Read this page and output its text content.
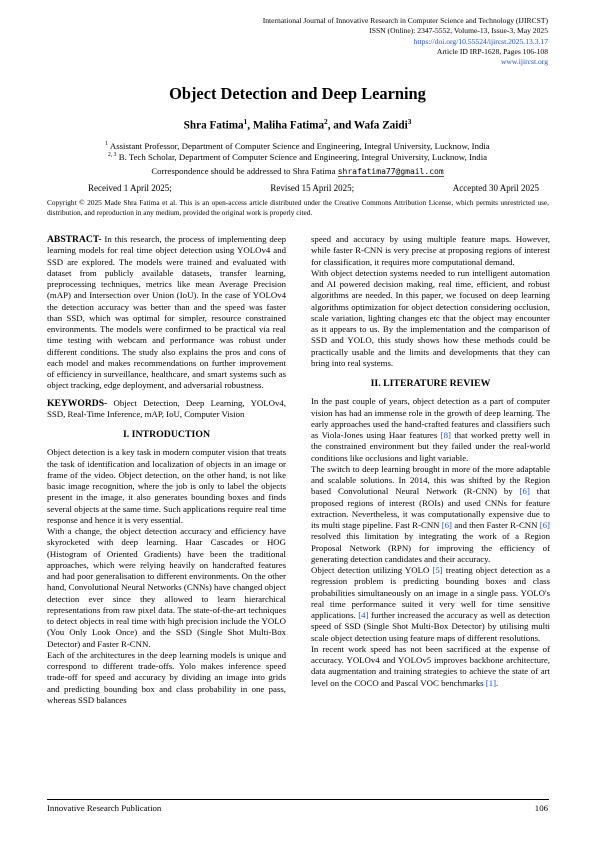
International Journal of Innovative Research in Computer Science and Technology (IJIRCST)
ISSN (Online): 2347-5552, Volume-13, Issue-3, May 2025
https://doi.org/10.55524/ijircst.2025.13.3.17
Article ID IRP-1628, Pages 106-108
www.ijircst.org
Object Detection and Deep Learning
Shra Fatima$^1$, Maliha Fatima$^2$, and Wafa Zaidi$^3$
$^1$ Assistant Professor, Department of Computer Science and Engineering, Integral University, Lucknow, India
$^{2, 3}$ B. Tech Scholar, Department of Computer Science and Engineering, Integral University, Lucknow, India
Correspondence should be addressed to Shra Fatima shrafatima77@gmail.com
Received 1 April 2025;	Revised 15 April 2025;	Accepted 30 April 2025
Copyright © 2025 Made Shra Fatima et al. This is an open-access article distributed under the Creative Commons Attribution License, which permits unrestricted use, distribution, and reproduction in any medium, provided the original work is properly cited.

ABSTRACT- In this research, the process of implementing deep learning models for real time object detection using YOLOv4 and SSD are explored. The models were trained and evaluated with dataset from publicly available datasets, transfer learning, preprocessing techniques, metrics like mean Average Precision (mAP) and Intersection over Union (IoU). In the case of YOLOv4 the detection accuracy was better than and the speed was faster than SSD, which was optimal for simpler, resource constrained environments. The models were confirmed to be practical via real time testing with webcam and performance was robust under different conditions. The study also explains the pros and cons of each model and makes recommendations on further improvement of efficiency in surveillance, healthcare, and smart systems such as object tracking, edge deployment, and adversarial robustness.

KEYWORDS- Object Detection, Deep Learning, YOLOv4, SSD, Real-Time Inference, mAP, IoU, Computer Vision

I. INTRODUCTION

Object detection is a key task in modern computer vision that treats the task of identification and localization of objects in an image or frame of the video. Object detection, on the other hand, is not like basic image recognition, where the job is only to label the objects present in the image, it also generates bounding boxes and finds several objects at the same time. Such applications require real time response and hence it is very essential.

With a change, the object detection accuracy and efficiency have skyrocketed with deep learning. Haar Cascades or HOG (Histogram of Oriented Gradients) have been the traditional approaches, which were relying heavily on handcrafted features and had poor generalisation to different environments. On the other hand, Convolutional Neural Networks (CNNs) have changed object detection ever since they allowed to learn hierarchical representations from raw pixel data. The state-of-the-art techniques to detect objects in real time with high precision include the YOLO (You Only Look Once) and the SSD (Single Shot Multi-Box Detector) and Faster R-CNN.

Each of the architectures in the deep learning models is unique and correspond to different trade-offs. Yolo makes inference speed trade-off for speed and accuracy by dividing an image into grids and predicting bounding box and class probability in one pass, whereas SSD balances

speed and accuracy by using multiple feature maps. However, while faster R-CNN is very precise at proposing regions of interest for classification, it requires more computational demand.

With object detection systems needed to run intelligent automation and AI powered decision making, real time, efficient, and robust algorithms are needed. In this paper, we focused on deep learning algorithms optimization for object detection considering occlusion, scale variation, lighting changes etc that the object may encounter as it appears to us. By the implementation and the comparison of SSD and YOLO, this study shows how these methods could be practically usable and the limits and developments that they can bring into real systems.

II. LITERATURE REVIEW

In the past couple of years, object detection as a part of computer vision has had an immense role in the growth of deep learning. The early approaches used the hand-crafted features and classifiers such as Viola-Jones using Haar features [8] that worked pretty well in the constrained environment but they failed under the real-world conditions like occlusions and light variable.

The switch to deep learning brought in more of the more adaptable and scalable solutions. In 2014, this was shifted by the Region based Convolutional Neural Network (R-CNN) by [6] that proposed regions of interest (ROIs) and used CNNs for feature extraction. Nevertheless, it was computationally expensive due to its multi stage pipeline. Fast R-CNN [6] and then Faster R-CNN [6] resolved this limitation by integrating the work of a Region Proposal Network (RPN) for improving the efficiency of generating detection candidates and their accuracy.

Object detection utilizing YOLO [5] treating object detection as a regression problem is predicting bounding boxes and class probabilities simultaneously on an image in a single pass. YOLO's real time performance suited it very well for time sensitive applications. [4] further increased the accuracy as well as detection speed of SSD (Single Shot Multi-Box Detector) by utilising multi scale object detection using feature maps of different resolutions.

In recent work speed has not been sacrificed at the expense of accuracy. YOLOv4 and YOLOv5 improves backbone architecture, data augmentation and training strategies to achieve the state of art level on the COCO and Pascal VOC benchmarks [1].

Innovative Research Publication	106
